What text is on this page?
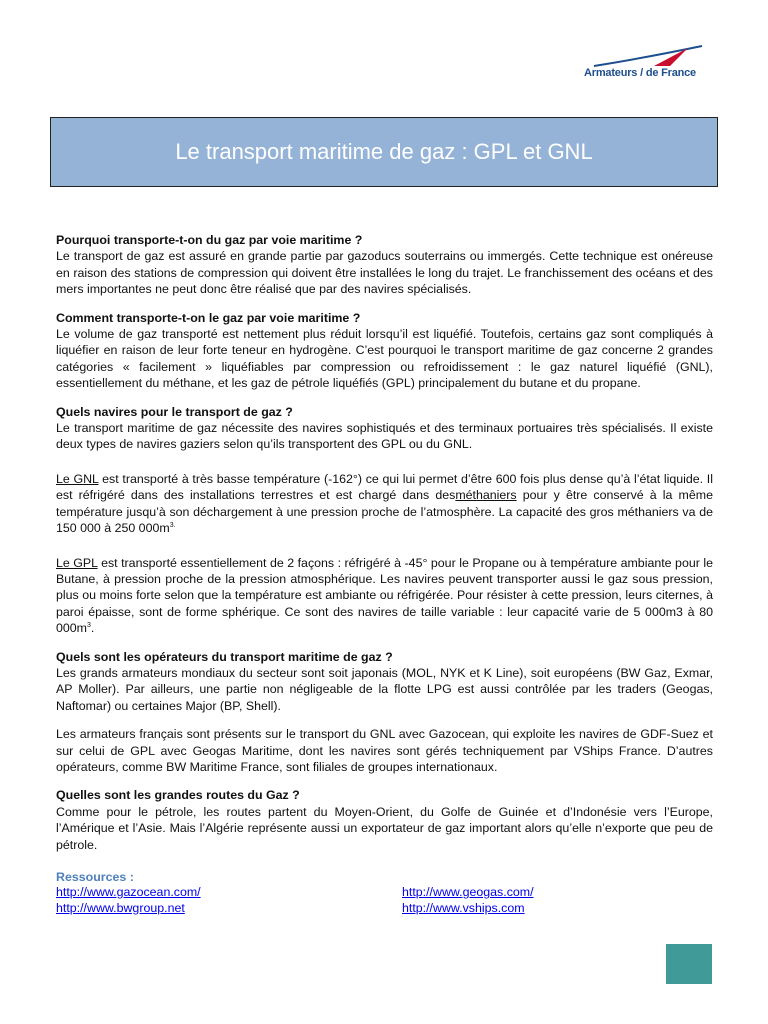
Armateurs / de France
Le transport maritime de gaz : GPL et GNL

Pourquoi transporte-t-on du gaz par voie maritime ?

Le transport de gaz est assuré en grande partie par gazoducs souterrains ou immergés. Cette technique est onéreuse en raison des stations de compression qui doivent être installées le long du trajet. Le franchissement des océans et des mers importantes ne peut donc être réalisé que par des navires spécialisés.

Comment transporte-t-on le gaz par voie maritime ?

Le volume de gaz transporté est nettement plus réduit lorsqu’il est liquéfié. Toutefois, certains gaz sont compliqués à liquéfier en raison de leur forte teneur en hydrogène. C’est pourquoi le transport maritime de gaz concerne 2 grandes catégories « facilement » liquéfiables par compression ou refroidissement : le gaz naturel liquéfié (GNL), essentiellement du méthane, et les gaz de pétrole liquéfiés (GPL) principalement du butane et du propane.

Quels navires pour le transport de gaz ?

Le transport maritime de gaz nécessite des navires sophistiqués et des terminaux portuaires très spécialisés. Il existe deux types de navires gaziers selon qu’ils transportent des GPL ou du GNL.

Le GNL est transporté à très basse température (-162°) ce qui lui permet d’être 600 fois plus dense qu’à l’état liquide. Il est réfrigéré dans des installations terrestres et est chargé dans desméthaniers pour y être conservé à la même température jusqu’à son déchargement à une pression proche de l’atmosphère. La capacité des gros méthaniers va de 150 000 à 250 $000m^{3.}$

Le GPL est transporté essentiellement de 2 façons : réfrigéré à -45° pour le Propane ou à température ambiante pour le Butane, à pression proche de la pression atmosphérique. Les navires peuvent transporter aussi le gaz sous pression, plus ou moins forte selon que la température est ambiante ou réfrigérée. Pour résister à cette pression, leurs citernes, à paroi épaisse, sont de forme sphérique. Ce sont des navires de taille variable : leur capacité varie de 5 000m3 à 80 $000m^3$.

Quels sont les opérateurs du transport maritime de gaz ?

Les grands armateurs mondiaux du secteur sont soit japonais (MOL, NYK et K Line), soit européens (BW Gaz, Exmar, AP Moller). Par ailleurs, une partie non négligeable de la flotte LPG est aussi contrôlée par les traders (Geogas, Naftomar) ou certaines Major (BP, Shell).

Les armateurs français sont présents sur le transport du GNL avec Gazocean, qui exploite les navires de GDF-Suez et sur celui de GPL avec Geogas Maritime, dont les navires sont gérés techniquement par VShips France. D’autres opérateurs, comme BW Maritime France, sont filiales de groupes internationaux.

Quelles sont les grandes routes du Gaz ?

Comme pour le pétrole, les routes partent du Moyen-Orient, du Golfe de Guinée et d’Indonésie vers l’Europe, l’Amérique et l’Asie. Mais l’Algérie représente aussi un exportateur de gaz important alors qu’elle n’exporte que peu de pétrole.

Ressources :
http://www.gazocean.com/
http://www.bwgroup.net
http://www.geogas.com/
http://www.vships.com
